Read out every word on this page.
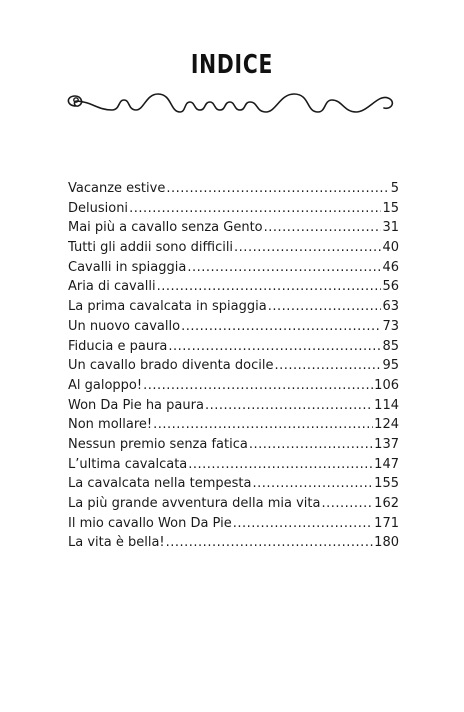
INDICE
Vacanze estive .....	5
Delusioni .....	15
Mai più a cavallo senza Gento .....	31
Tutti gli addii sono difficili .....	40
Cavalli in spiaggia .....	46
Aria di cavalli .....	56
La prima cavalcata in spiaggia .....	63
Un nuovo cavallo .....	73
Fiducia e paura .....	85
Un cavallo brado diventa docile .....	95
Al galoppo! .....	106
Won Da Pie ha paura .....	114
Non mollare! .....	124
Nessun premio senza fatica .....	137
L’ultima cavalcata .....	147
La cavalcata nella tempesta .....	155
La più grande avventura della mia vita .....	162
Il mio cavallo Won Da Pie .....	171
La vita è bella! .....	180
